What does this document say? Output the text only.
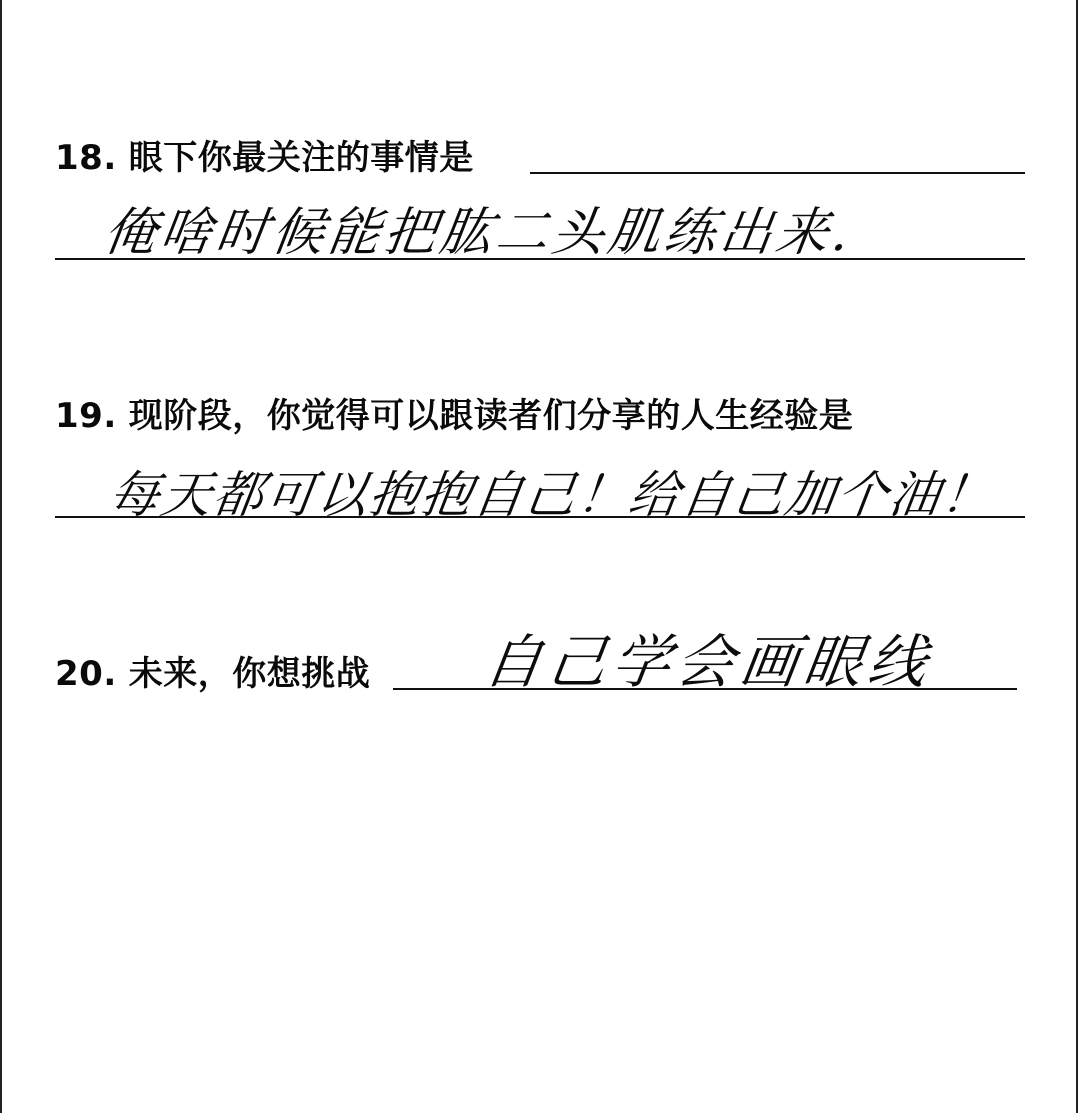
18. 眼下你最关注的事情是
俺啥时候能把肱二头肌练出来.
19. 现阶段，你觉得可以跟读者们分享的人生经验是
每天都可以抱抱自己！给自己加个油！
20. 未来，你想挑战 自己学会画眼线
